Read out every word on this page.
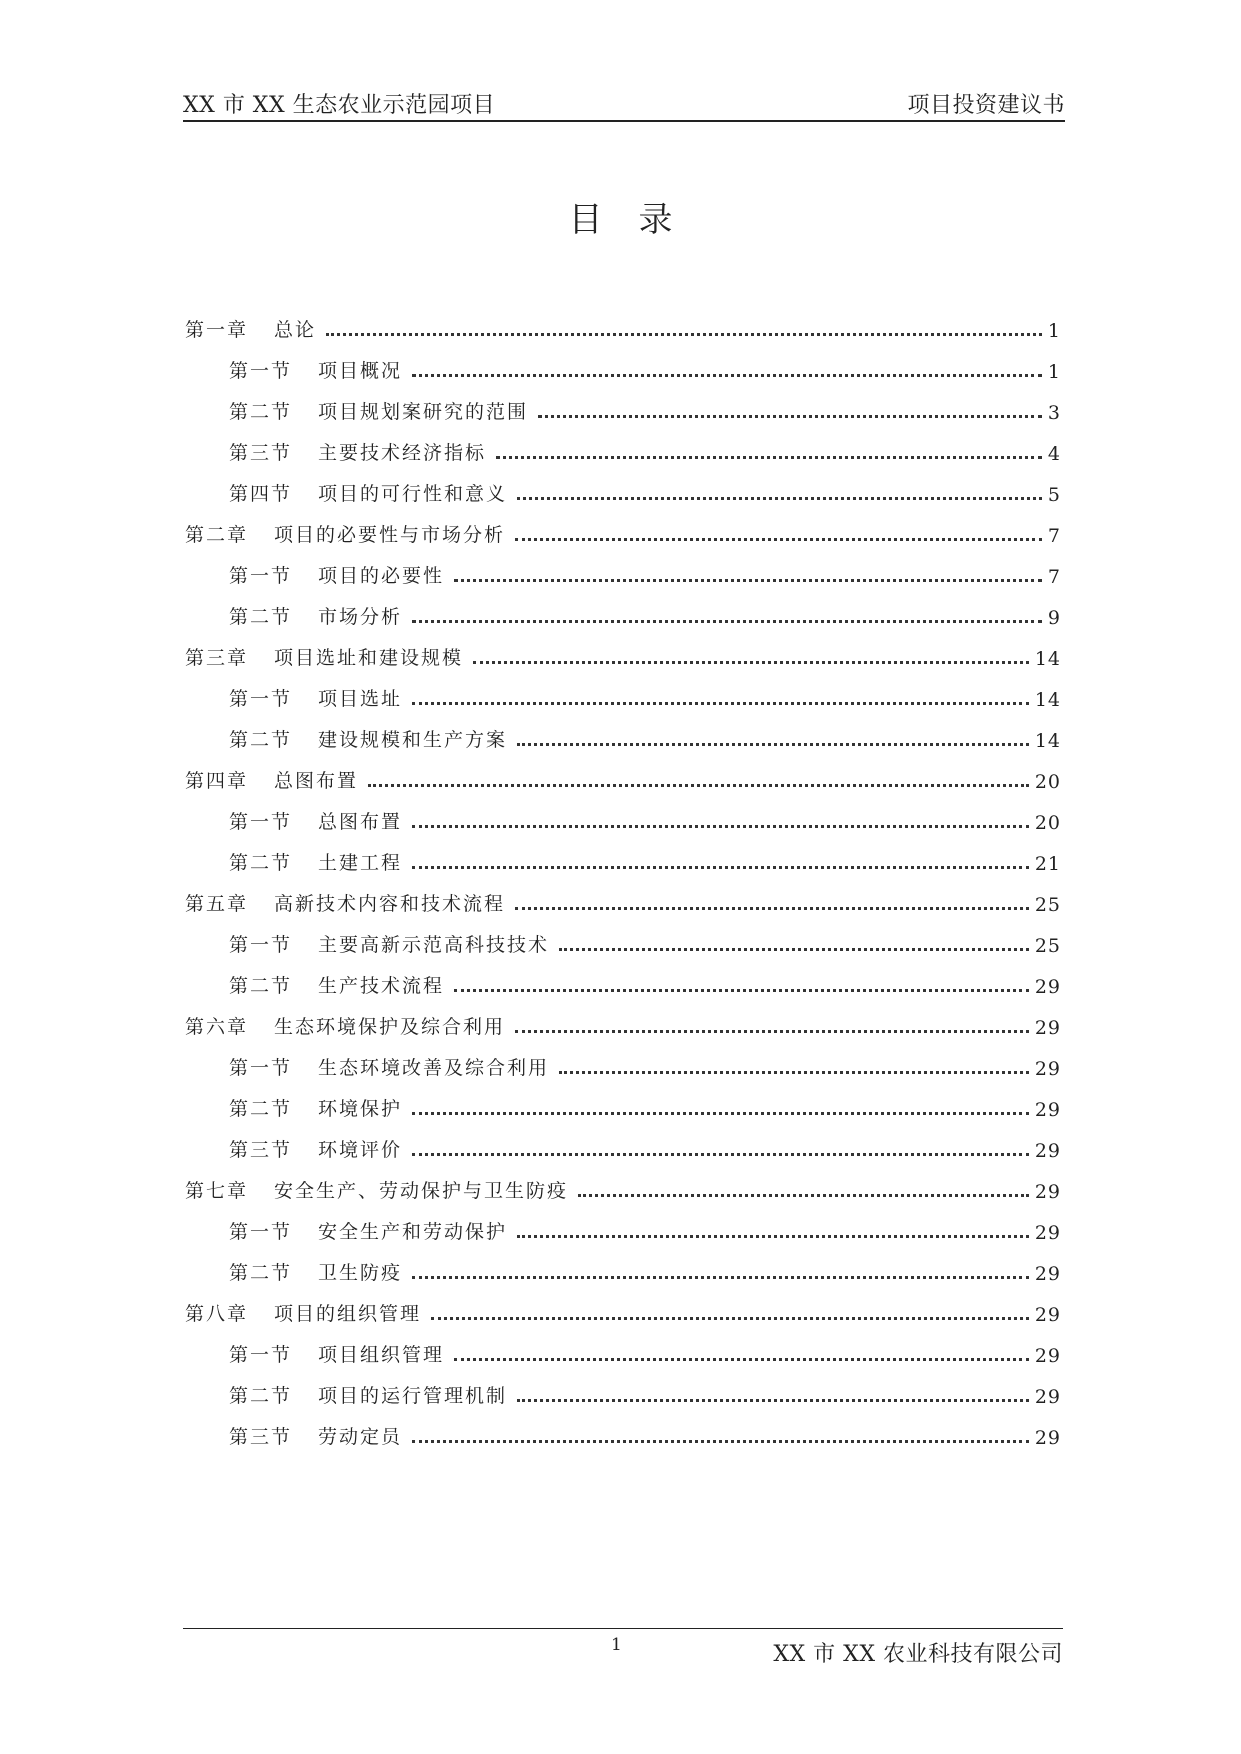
XX 市 XX 生态农业示范园项目	项目投资建议书
目录
第一章 总论	1
第一节 项目概况	1
第二节 项目规划案研究的范围	3
第三节 主要技术经济指标	4
第四节 项目的可行性和意义	5
第二章 项目的必要性与市场分析	7
第一节 项目的必要性	7
第二节 市场分析	9
第三章 项目选址和建设规模	14
第一节 项目选址	14
第二节 建设规模和生产方案	14
第四章 总图布置	20
第一节 总图布置	20
第二节 土建工程	21
第五章 高新技术内容和技术流程	25
第一节 主要高新示范高科技技术	25
第二节 生产技术流程	29
第六章 生态环境保护及综合利用	29
第一节 生态环境改善及综合利用	29
第二节 环境保护	29
第三节 环境评价	29
第七章 安全生产、劳动保护与卫生防疫	29
第一节 安全生产和劳动保护	29
第二节 卫生防疫	29
第八章 项目的组织管理	29
第一节 项目组织管理	29
第二节 项目的运行管理机制	29
第三节 劳动定员	29
1	XX 市 XX 农业科技有限公司
